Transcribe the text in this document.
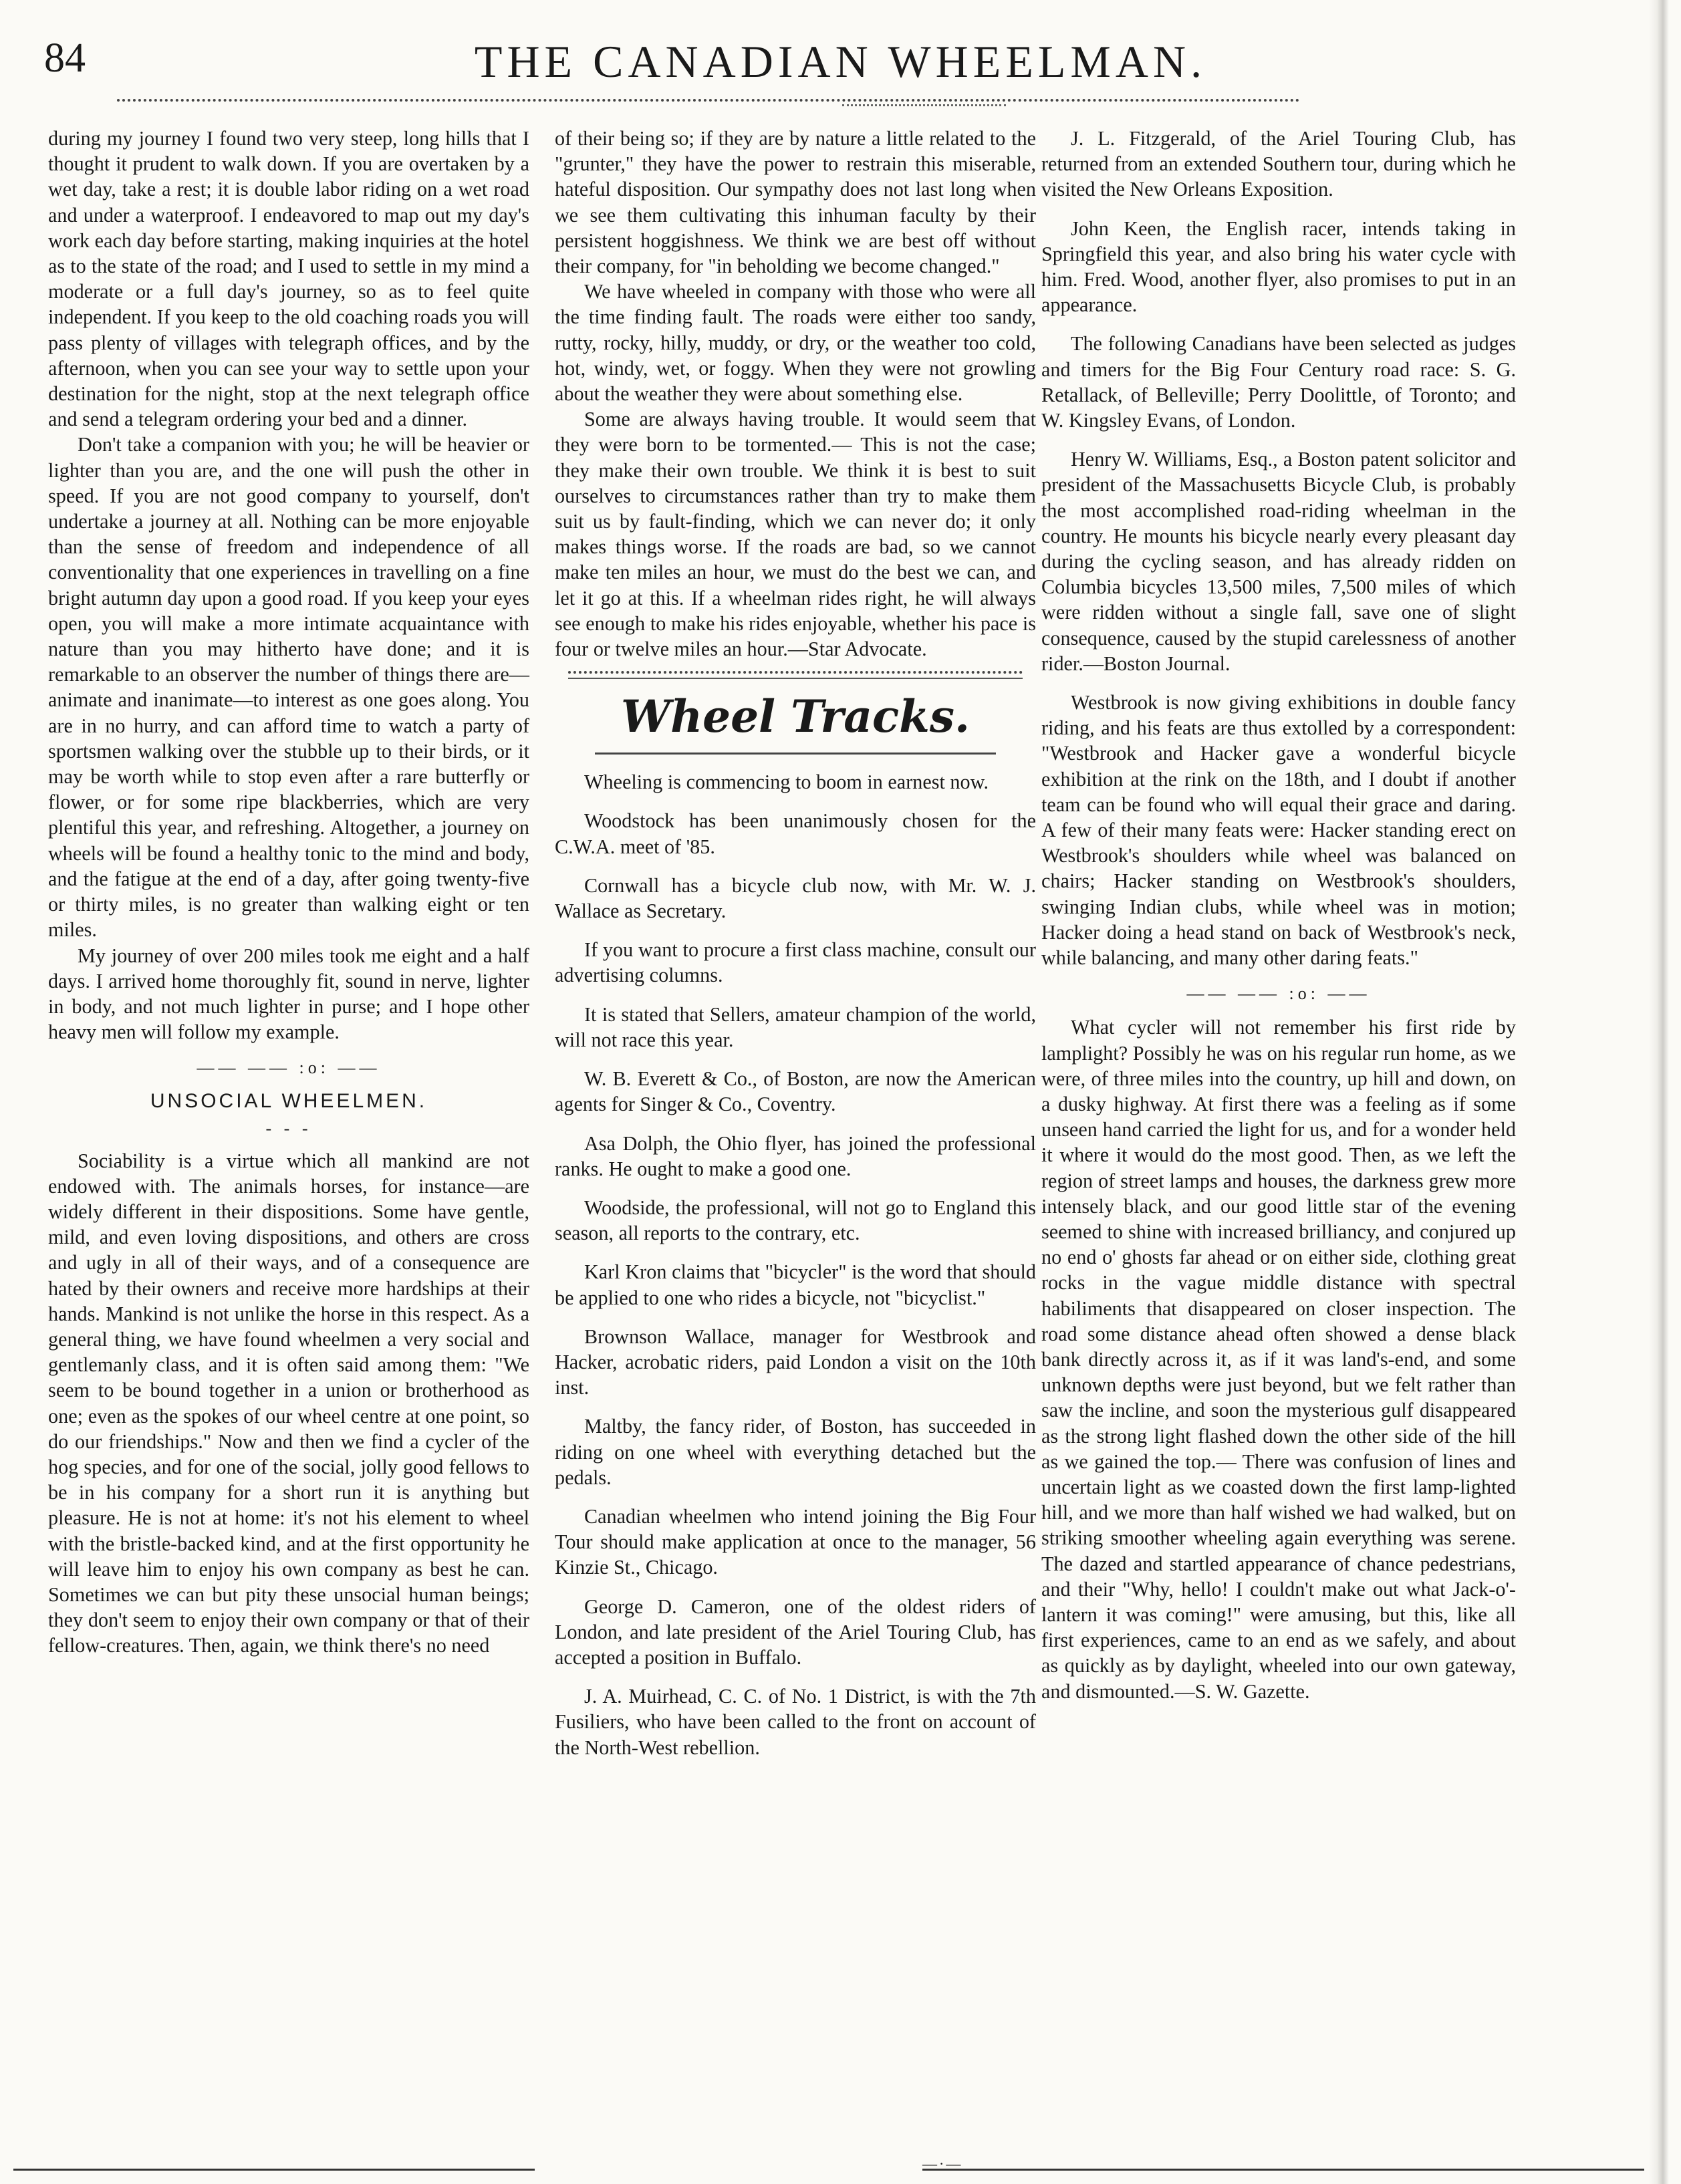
84	THE CANADIAN WHEELMAN.

during my journey I found two very steep, long hills that I thought it prudent to walk down. If you are overtaken by a wet day, take a rest; it is double labor riding on a wet road and under a waterproof. I endeavored to map out my day's work each day before starting, making inquiries at the hotel as to the state of the road; and I used to settle in my mind a moderate or a full day's journey, so as to feel quite independent. If you keep to the old coaching roads you will pass plenty of villages with telegraph offices, and by the afternoon, when you can see your way to settle upon your destination for the night, stop at the next telegraph office and send a telegram ordering your bed and a dinner.

Don't take a companion with you; he will be heavier or lighter than you are, and the one will push the other in speed. If you are not good company to yourself, don't undertake a journey at all. Nothing can be more enjoyable than the sense of freedom and independence of all conventionality that one experiences in travelling on a fine bright autumn day upon a good road. If you keep your eyes open, you will make a more intimate acquaintance with nature than you may hitherto have done; and it is remarkable to an observer the number of things there are—animate and inanimate—to interest as one goes along. You are in no hurry, and can afford time to watch a party of sportsmen walking over the stubble up to their birds, or it may be worth while to stop even after a rare butterfly or flower, or for some ripe blackberries, which are very plentiful this year, and refreshing. Altogether, a journey on wheels will be found a healthy tonic to the mind and body, and the fatigue at the end of a day, after going twenty-five or thirty miles, is no greater than walking eight or ten miles.

My journey of over 200 miles took me eight and a half days. I arrived home thoroughly fit, sound in nerve, lighter in body, and not much lighter in purse; and I hope other heavy men will follow my example.

—— —— :o: ——
UNSOCIAL WHEELMEN.
- - -

Sociability is a virtue which all mankind are not endowed with. The animals horses, for instance—are widely different in their dispositions. Some have gentle, mild, and even loving dispositions, and others are cross and ugly in all of their ways, and of a consequence are hated by their owners and receive more hardships at their hands. Mankind is not unlike the horse in this respect. As a general thing, we have found wheelmen a very social and gentlemanly class, and it is often said among them: "We seem to be bound together in a union or brotherhood as one; even as the spokes of our wheel centre at one point, so do our friendships." Now and then we find a cycler of the hog species, and for one of the social, jolly good fellows to be in his company for a short run it is anything but pleasure. He is not at home: it's not his element to wheel with the bristle-backed kind, and at the first opportunity he will leave him to enjoy his own company as best he can. Sometimes we can but pity these unsocial human beings; they don't seem to enjoy their own company or that of their fellow-creatures. Then, again, we think there's no need

of their being so; if they are by nature a little related to the "grunter," they have the power to restrain this miserable, hateful disposition. Our sympathy does not last long when we see them cultivating this inhuman faculty by their persistent hoggishness. We think we are best off without their company, for "in beholding we become changed."

We have wheeled in company with those who were all the time finding fault. The roads were either too sandy, rutty, rocky, hilly, muddy, or dry, or the weather too cold, hot, windy, wet, or foggy. When they were not growling about the weather they were about something else.

Some are always having trouble. It would seem that they were born to be tormented.— This is not the case; they make their own trouble. We think it is best to suit ourselves to circumstances rather than try to make them suit us by fault-finding, which we can never do; it only makes things worse. If the roads are bad, so we cannot make ten miles an hour, we must do the best we can, and let it go at this. If a wheelman rides right, he will always see enough to make his rides enjoyable, whether his pace is four or twelve miles an hour.—Star Advocate.

Wheel Tracks.

Wheeling is commencing to boom in earnest now.

Woodstock has been unanimously chosen for the C.W.A. meet of '85.

Cornwall has a bicycle club now, with Mr. W. J. Wallace as Secretary.

If you want to procure a first class machine, consult our advertising columns.

It is stated that Sellers, amateur champion of the world, will not race this year.

W. B. Everett & Co., of Boston, are now the American agents for Singer & Co., Coventry.

Asa Dolph, the Ohio flyer, has joined the professional ranks. He ought to make a good one.

Woodside, the professional, will not go to England this season, all reports to the contrary, etc.

Karl Kron claims that "bicycler" is the word that should be applied to one who rides a bicycle, not "bicyclist."

Brownson Wallace, manager for Westbrook and Hacker, acrobatic riders, paid London a visit on the 10th inst.

Maltby, the fancy rider, of Boston, has succeeded in riding on one wheel with everything detached but the pedals.

Canadian wheelmen who intend joining the Big Four Tour should make application at once to the manager, 56 Kinzie St., Chicago.

George D. Cameron, one of the oldest riders of London, and late president of the Ariel Touring Club, has accepted a position in Buffalo.

J. A. Muirhead, C. C. of No. 1 District, is with the 7th Fusiliers, who have been called to the front on account of the North-West rebellion.

J. L. Fitzgerald, of the Ariel Touring Club, has returned from an extended Southern tour, during which he visited the New Orleans Exposition.

John Keen, the English racer, intends taking in Springfield this year, and also bring his water cycle with him. Fred. Wood, another flyer, also promises to put in an appearance.

The following Canadians have been selected as judges and timers for the Big Four Century road race: S. G. Retallack, of Belleville; Perry Doolittle, of Toronto; and W. Kingsley Evans, of London.

Henry W. Williams, Esq., a Boston patent solicitor and president of the Massachusetts Bicycle Club, is probably the most accomplished road-riding wheelman in the country. He mounts his bicycle nearly every pleasant day during the cycling season, and has already ridden on Columbia bicycles 13,500 miles, 7,500 miles of which were ridden without a single fall, save one of slight consequence, caused by the stupid carelessness of another rider.—Boston Journal.

Westbrook is now giving exhibitions in double fancy riding, and his feats are thus extolled by a correspondent: "Westbrook and Hacker gave a wonderful bicycle exhibition at the rink on the 18th, and I doubt if another team can be found who will equal their grace and daring. A few of their many feats were: Hacker standing erect on Westbrook's shoulders while wheel was balanced on chairs; Hacker standing on Westbrook's shoulders, swinging Indian clubs, while wheel was in motion; Hacker doing a head stand on back of Westbrook's neck, while balancing, and many other daring feats."

—— —— :o: ——

What cycler will not remember his first ride by lamplight? Possibly he was on his regular run home, as we were, of three miles into the country, up hill and down, on a dusky highway. At first there was a feeling as if some unseen hand carried the light for us, and for a wonder held it where it would do the most good. Then, as we left the region of street lamps and houses, the darkness grew more intensely black, and our good little star of the evening seemed to shine with increased brilliancy, and conjured up no end o' ghosts far ahead or on either side, clothing great rocks in the vague middle distance with spectral habiliments that disappeared on closer inspection. The road some distance ahead often showed a dense black bank directly across it, as if it was land's-end, and some unknown depths were just beyond, but we felt rather than saw the incline, and soon the mysterious gulf disappeared as the strong light flashed down the other side of the hill as we gained the top.— There was confusion of lines and uncertain light as we coasted down the first lamp-lighted hill, and we more than half wished we had walked, but on striking smoother wheeling again everything was serene. The dazed and startled appearance of chance pedestrians, and their "Why, hello! I couldn't make out what Jack-o'-lantern it was coming!" were amusing, but this, like all first experiences, came to an end as we safely, and about as quickly as by daylight, wheeled into our own gateway, and dismounted.—S. W. Gazette.

—·—
